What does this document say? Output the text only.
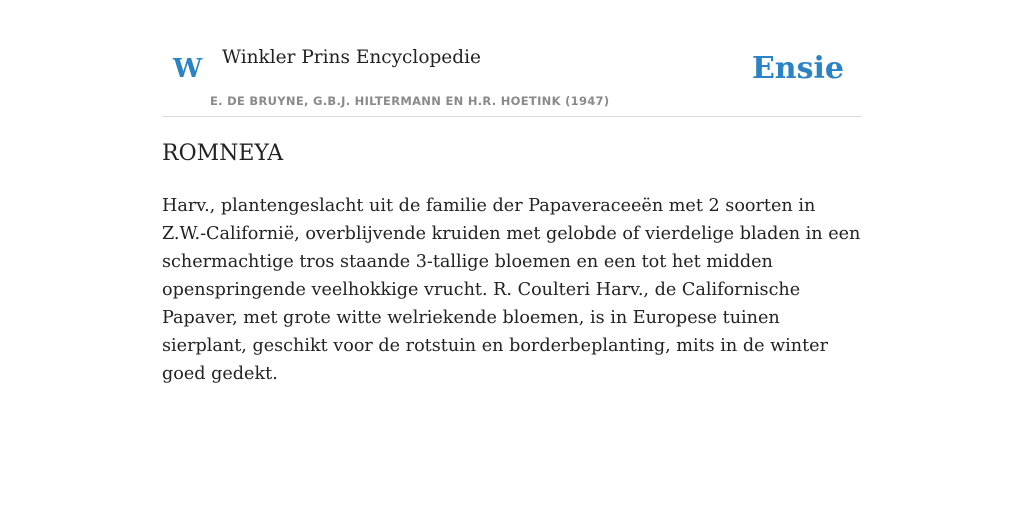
W Winkler Prins Encyclopedie
E. DE BRUYNE, G.B.J. HILTERMANN EN H.R. HOETINK (1947)
Ensie
ROMNEYA

Harv., plantengeslacht uit de familie der Papaveraceeën met 2 soorten in Z.W.-Californië, overblijvende kruiden met gelobde of vierdelige bladen in een schermachtige tros staande 3-tallige bloemen en een tot het midden openspringende veelhokkige vrucht. R. Coulteri Harv., de Californische Papaver, met grote witte welriekende bloemen, is in Europese tuinen sierplant, geschikt voor de rotstuin en borderbeplanting, mits in de winter goed gedekt.
